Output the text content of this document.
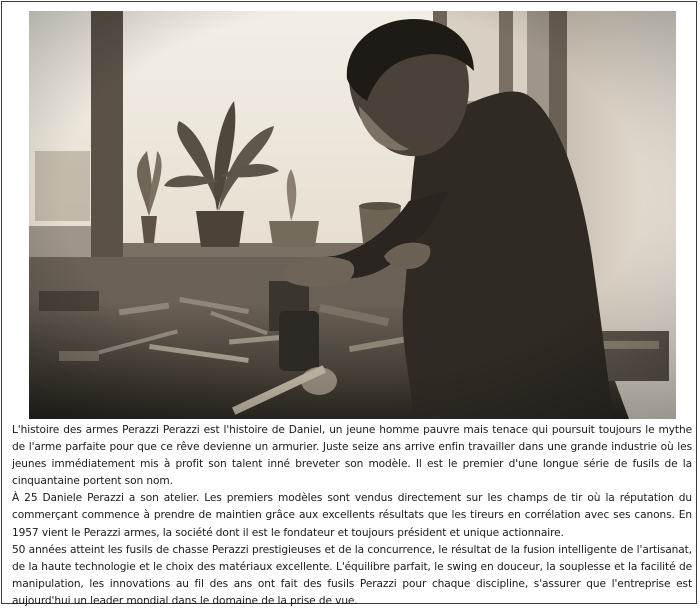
L'histoire des armes Perazzi Perazzi est l'histoire de Daniel, un jeune homme pauvre mais tenace qui poursuit toujours le mythe de l'arme parfaite pour que ce rêve devienne un armurier. Juste seize ans arrive enfin travailler dans une grande industrie où les jeunes immédiatement mis à profit son talent inné breveter son modèle. Il est le premier d'une longue série de fusils de la cinquantaine portent son nom.

À 25 Daniele Perazzi a son atelier. Les premiers modèles sont vendus directement sur les champs de tir où la réputation du commerçant commence à prendre de maintien grâce aux excellents résultats que les tireurs en corrélation avec ses canons. En 1957 vient le Perazzi armes, la société dont il est le fondateur et toujours président et unique actionnaire.

50 années atteint les fusils de chasse Perazzi prestigieuses et de la concurrence, le résultat de la fusion intelligente de l'artisanat, de la haute technologie et le choix des matériaux excellente. L'équilibre parfait, le swing en douceur, la souplesse et la facilité de manipulation, les innovations au fil des ans ont fait des fusils Perazzi pour chaque discipline, s'assurer que l'entreprise est aujourd'hui un leader mondial dans le domaine de la prise de vue.
